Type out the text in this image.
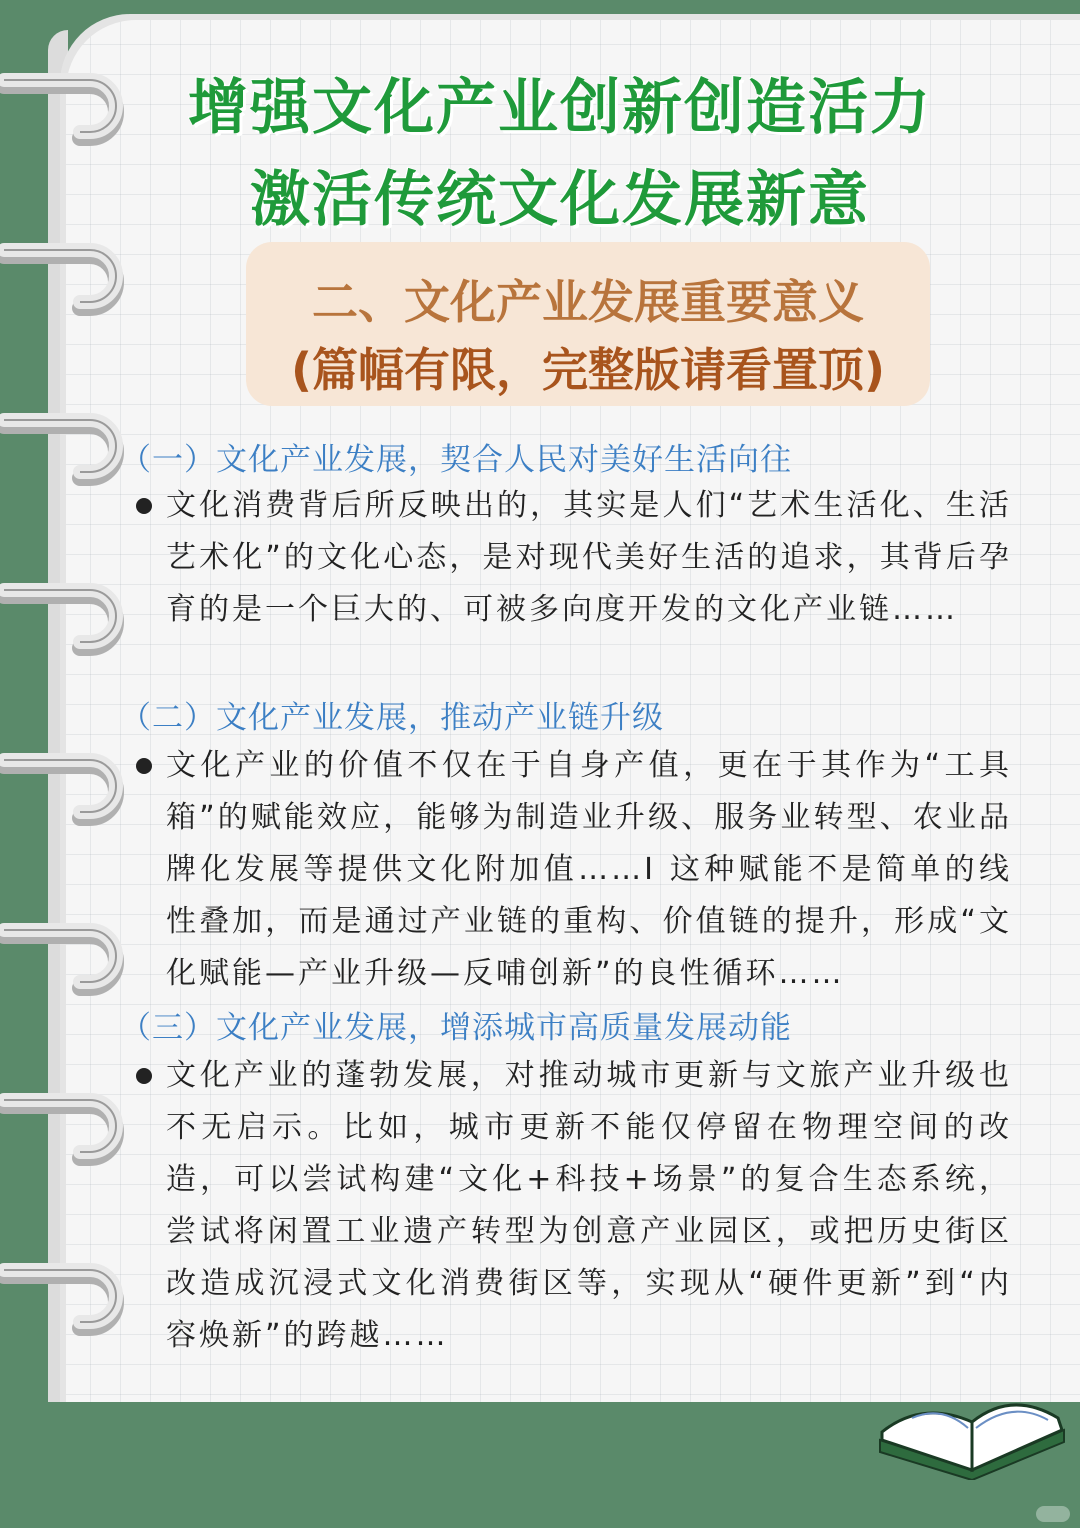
增强文化产业创新创造活力
激活传统文化发展新意
二、文化产业发展重要意义
(篇幅有限，完整版请看置顶)
（一）文化产业发展，契合人民对美好生活向往
文化消费背后所反映出的，其实是人们“艺术生活化、生活艺术化”的文化心态，是对现代美好生活的追求，其背后孕育的是一个巨大的、可被多向度开发的文化产业链……
（二）文化产业发展，推动产业链升级
文化产业的价值不仅在于自身产值，更在于其作为“工具箱”的赋能效应，能够为制造业升级、服务业转型、农业品牌化发展等提供文化附加值……I 这种赋能不是简单的线性叠加，而是通过产业链的重构、价值链的提升，形成“文化赋能—产业升级—反哺创新”的良性循环……
（三）文化产业发展，增添城市高质量发展动能
文化产业的蓬勃发展，对推动城市更新与文旅产业升级也不无启示。比如，城市更新不能仅停留在物理空间的改造，可以尝试构建“文化+科技+场景”的复合生态系统，尝试将闲置工业遗产转型为创意产业园区，或把历史街区改造成沉浸式文化消费街区等，实现从“硬件更新”到“内容焕新”的跨越……
